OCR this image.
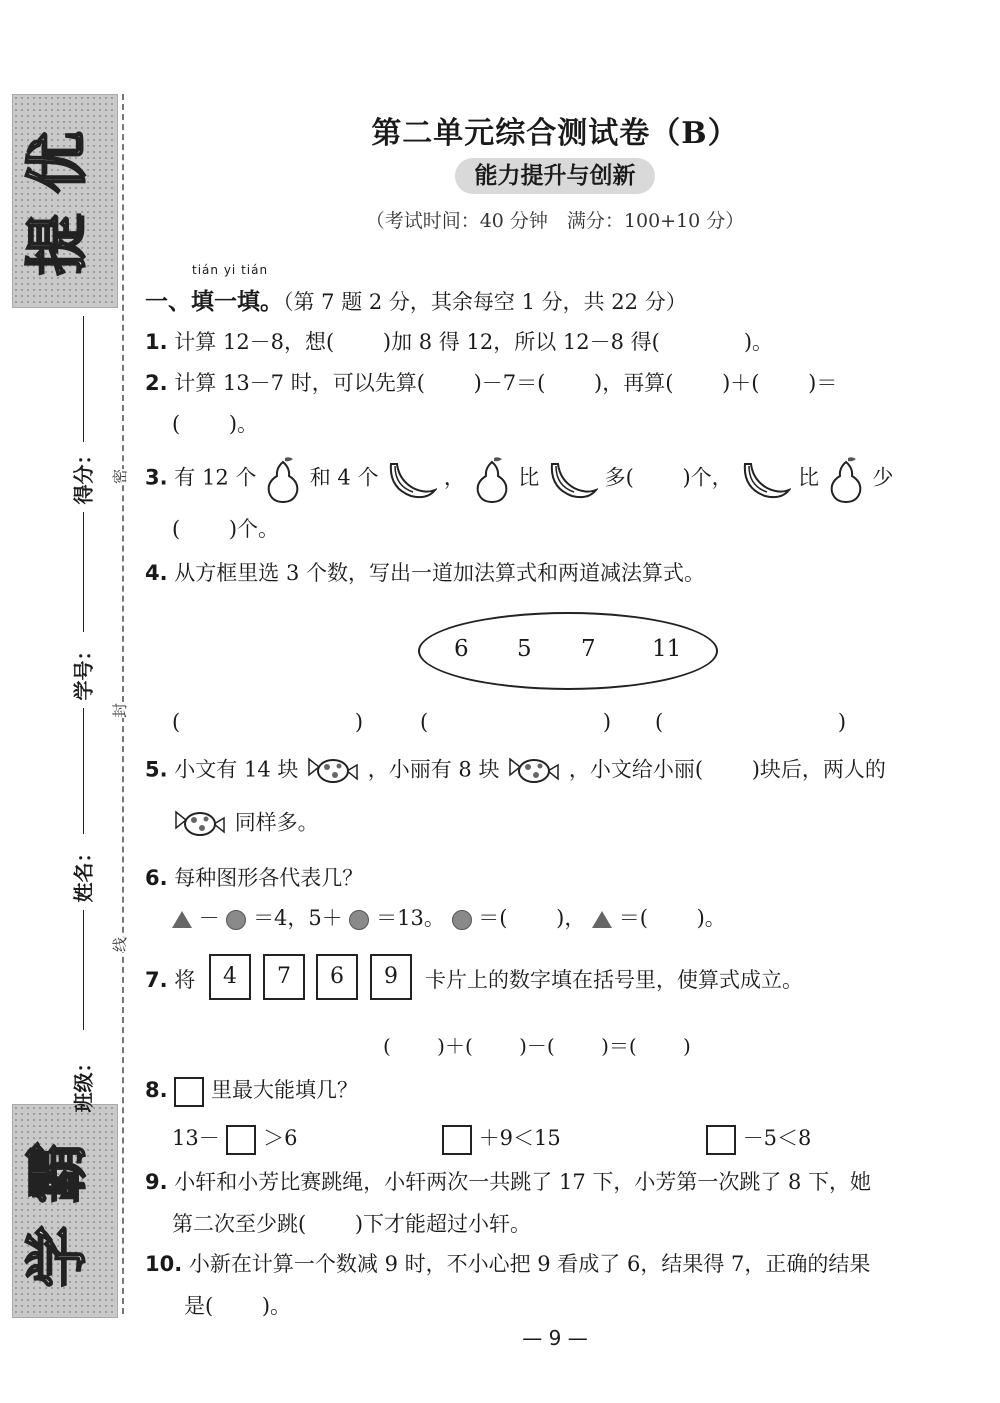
优
提
霸
学
得分：
学号：
姓名：
班级：
密
封
线
第二单元综合测试卷（B）
能力提升与创新
（考试时间：40 分钟　满分：100+10 分）
tián yi tián
一、填一填。（第 7 题 2 分，其余每空 1 分，共 22 分）
1. 计算 12－8，想(　　 )加 8 得 12，所以 12－8 得(　　　　)。
2. 计算 13－7 时，可以先算(　　 )－7＝(　　 )，再算(　　 )＋(　　 )＝
(　　 )。
3. 有 12 个	和 4 个	，	比	多(　　 )个，	比	少
(　　 )个。
4. 从方框里选 3 个数，写出一道加法算式和两道减法算式。
6 5 7 11
(　　　　　　　　 )	(　　　　　　　　 ) (　　　　　　　　 )
5. 小文有 14 块	，小丽有 8 块	，小文给小丽(　　 )块后，两人的
同样多。
6. 每种图形各代表几？
－ ＝4，5＋ ＝13。 ＝(　　 )， ＝(　　 )。
7. 将	4	7	6	9	卡片上的数字填在括号里，使算式成立。
(　　 )＋(　　 )－(　　 )＝(　　 )
8. 里最大能填几？
13－ ＞6	＋9＜15	－5＜8
9. 小轩和小芳比赛跳绳，小轩两次一共跳了 17 下，小芳第一次跳了 8 下，她
第二次至少跳(　　 )下才能超过小轩。
10. 小新在计算一个数减 9 时，不小心把 9 看成了 6，结果得 7，正确的结果
是(　　 )。
— 9 —
